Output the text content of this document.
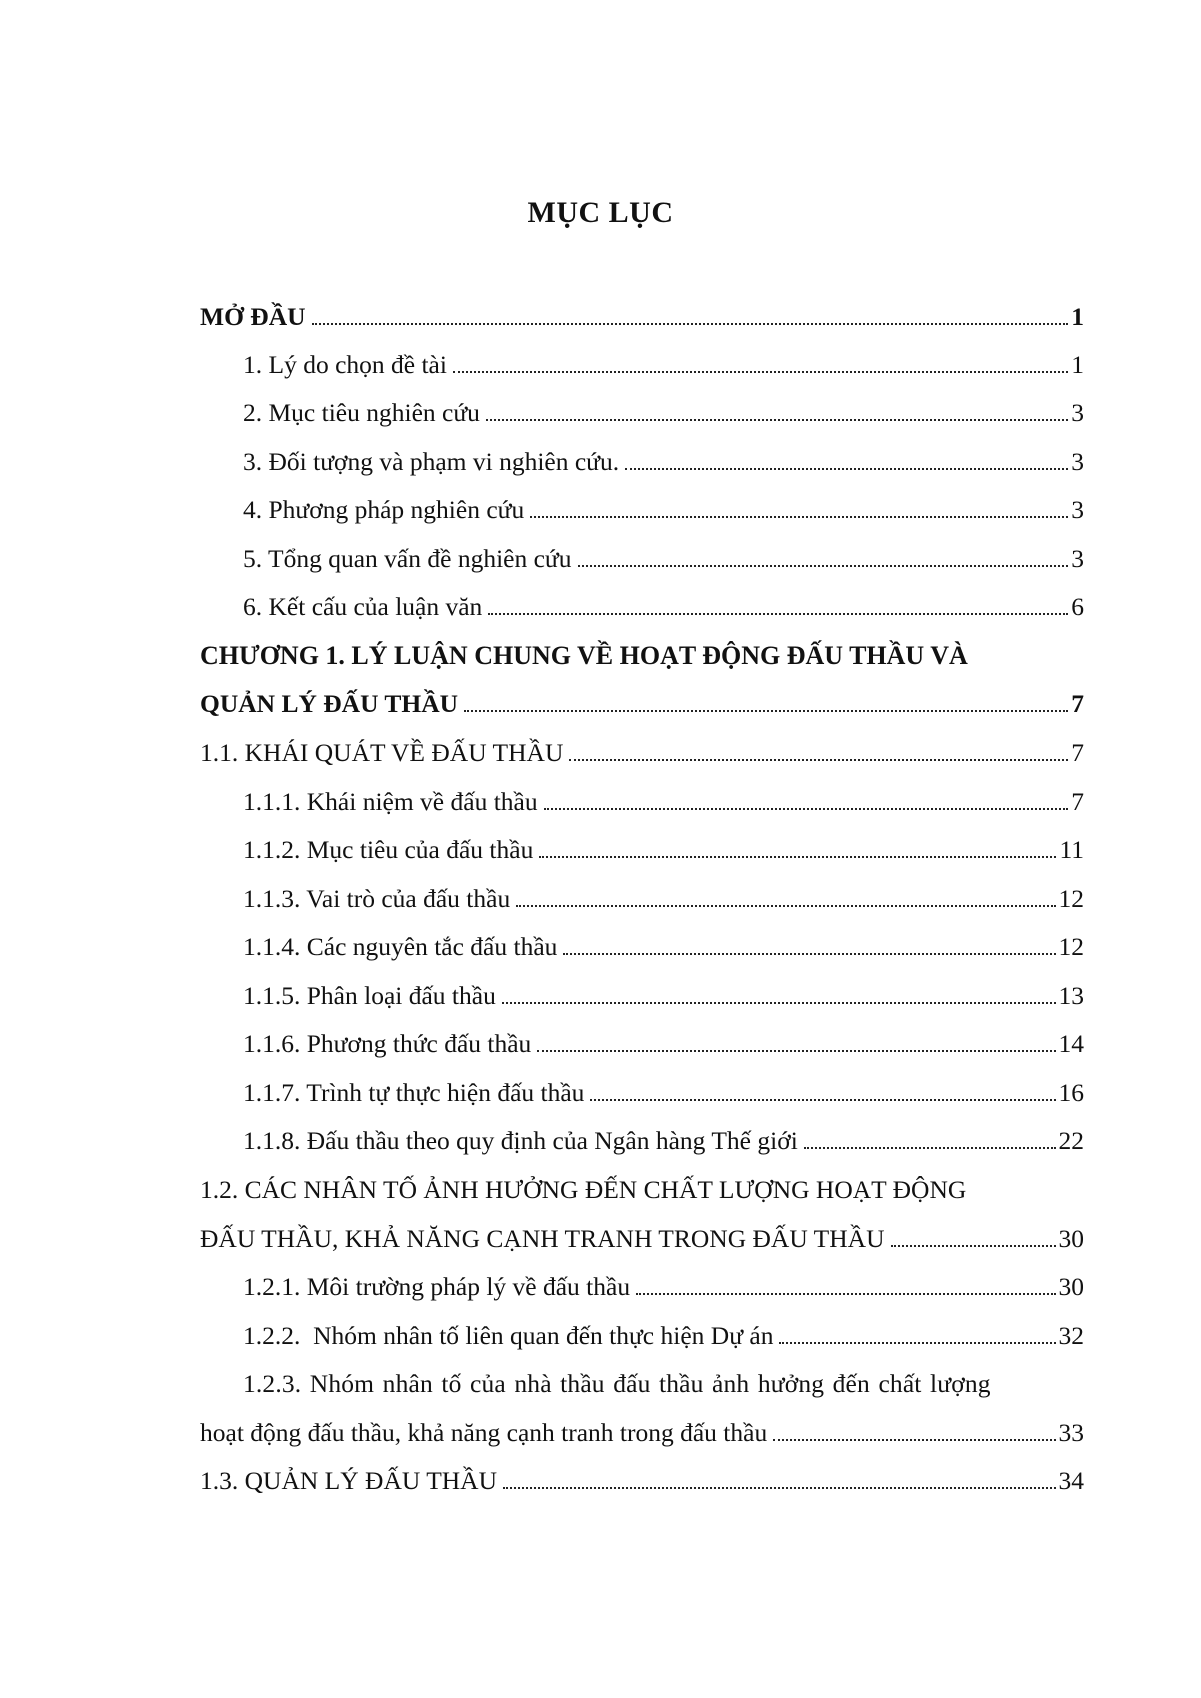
MỤC LỤC
MỞ ĐẦU	1
1. Lý do chọn đề tài	1
2. Mục tiêu nghiên cứu	3
3. Đối tượng và phạm vi nghiên cứu.	3
4. Phương pháp nghiên cứu	3
5. Tổng quan vấn đề nghiên cứu	3
6. Kết cấu của luận văn	6
CHƯƠNG 1. LÝ LUẬN CHUNG VỀ HOẠT ĐỘNG ĐẤU THẦU VÀ
QUẢN LÝ ĐẤU THẦU	7
1.1. KHÁI QUÁT VỀ ĐẤU THẦU	7
1.1.1. Khái niệm về đấu thầu	7
1.1.2. Mục tiêu của đấu thầu	11
1.1.3. Vai trò của đấu thầu	12
1.1.4. Các nguyên tắc đấu thầu	12
1.1.5. Phân loại đấu thầu	13
1.1.6. Phương thức đấu thầu	14
1.1.7. Trình tự thực hiện đấu thầu	16
1.1.8. Đấu thầu theo quy định của Ngân hàng Thế giới	22
1.2. CÁC NHÂN TỐ ẢNH HƯỞNG ĐẾN CHẤT LƯỢNG HOẠT ĐỘNG
ĐẤU THẦU, KHẢ NĂNG CẠNH TRANH TRONG ĐẤU THẦU	30
1.2.1. Môi trường pháp lý về đấu thầu	30
1.2.2.  Nhóm nhân tố liên quan đến thực hiện Dự án	32
1.2.3. Nhóm nhân tố của nhà thầu đấu thầu ảnh hưởng đến chất lượng
hoạt động đấu thầu, khả năng cạnh tranh trong đấu thầu	33
1.3. QUẢN LÝ ĐẤU THẦU	34
